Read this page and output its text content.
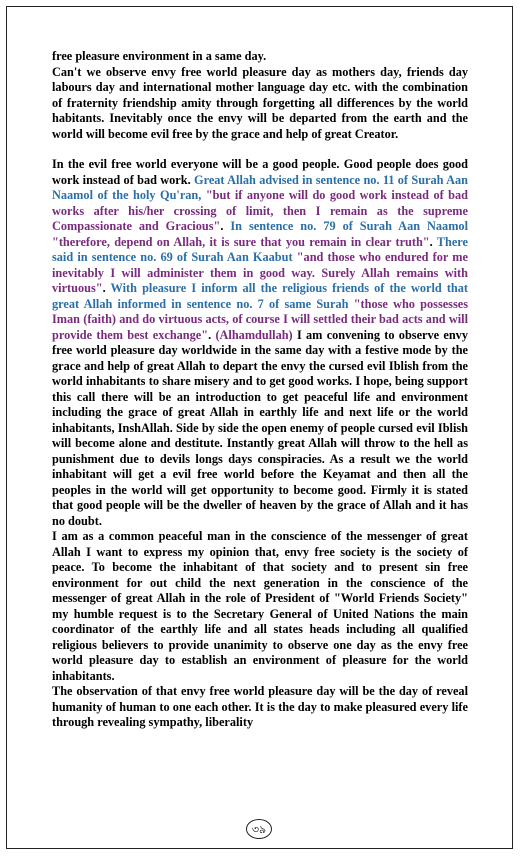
free pleasure environment in a same day.

Can't we observe envy free world pleasure day as mothers day, friends day labours day and international mother language day etc. with the combination of fraternity friendship amity through forgetting all differences by the world habitants. Inevitably once the envy will be departed from the earth and the world will become evil free by the grace and help of great Creator.

In the evil free world everyone will be a good people. Good people does good work instead of bad work. Great Allah advised in sentence no. 11 of Surah Aan Naamol of the holy Qu'ran, "but if anyone will do good work instead of bad works after his/her crossing of limit, then I remain as the supreme Compassionate and Gracious". In sentence no. 79 of Surah Aan Naamol "therefore, depend on Allah, it is sure that you remain in clear truth". There said in sentence no. 69 of Surah Aan Kaabut "and those who endured for me inevitably I will administer them in good way. Surely Allah remains with virtuous". With pleasure I inform all the religious friends of the world that great Allah informed in sentence no. 7 of same Surah "those who possesses Iman (faith) and do virtuous acts, of course I will settled their bad acts and will provide them best exchange". (Alhamdullah) I am convening to observe envy free world pleasure day worldwide in the same day with a festive mode by the grace and help of great Allah to depart the envy the cursed evil Iblish from the world inhabitants to share misery and to get good works. I hope, being support this call there will be an introduction to get peaceful life and environment including the grace of great Allah in earthly life and next life or the world inhabitants, InshAllah. Side by side the open enemy of people cursed evil Iblish will become alone and destitute. Instantly great Allah will throw to the hell as punishment due to devils longs days conspiracies. As a result we the world inhabitant will get a evil free world before the Keyamat and then all the peoples in the world will get opportunity to become good. Firmly it is stated that good people will be the dweller of heaven by the grace of Allah and it has no doubt.

I am as a common peaceful man in the conscience of the messenger of great Allah I want to express my opinion that, envy free society is the society of peace. To become the inhabitant of that society and to present sin free environment for out child the next generation in the conscience of the messenger of great Allah in the role of President of "World Friends Society" my humble request is to the Secretary General of United Nations the main coordinator of the earthly life and all states heads including all qualified religious believers to provide unanimity to observe one day as the envy free world pleasure day to establish an environment of pleasure for the world inhabitants.

The observation of that envy free world pleasure day will be the day of reveal humanity of human to one each other. It is the day to make pleasured every life through revealing sympathy, liberality

৩৯
